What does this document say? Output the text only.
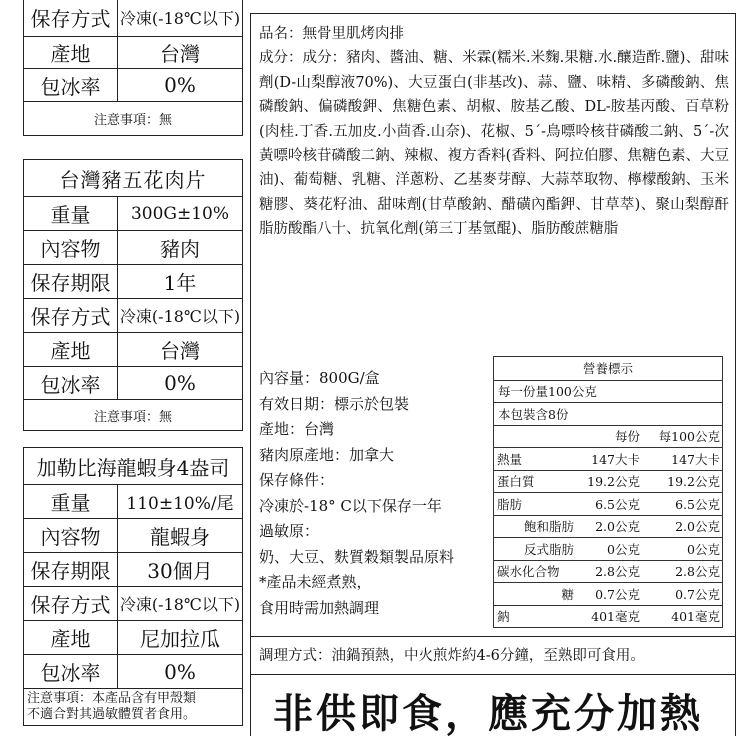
保存方式 冷凍(-18℃以下)
產地	台灣
包冰率	0%
注意事項：無
台灣豬五花肉片
重量	300G±10%
內容物	豬肉
保存期限	1年
保存方式 冷凍(-18℃以下)
產地	台灣
包冰率	0%
注意事項：無
加勒比海龍蝦身4盎司
重量	110±10%/尾
內容物	龍蝦身
保存期限	30個月
保存方式 冷凍(-18℃以下)
產地	尼加拉瓜
包冰率	0%
注意事項：本產品含有甲殼類
不適合對其過敏體質者食用。
品名：無骨里肌烤肉排
成分：成分：豬肉、醬油、糖、米霖(糯米.米麴.果糖.水.釀造酢.鹽)、甜味劑(D-山梨醇液70%)、大豆蛋白(非基改)、蒜、鹽、味精、多磷酸鈉、焦磷酸鈉、偏磷酸鉀、焦糖色素、胡椒、胺基乙酸、DL-胺基丙酸、百草粉(肉桂.丁香.五加皮.小茴香.山奈)、花椒、5´-鳥嘌呤核苷磷酸二鈉、5´-次黃嘌呤核苷磷酸二鈉、辣椒、複方香料(香料、阿拉伯膠、焦糖色素、大豆油)、葡萄糖、乳糖、洋蔥粉、乙基麥芽醇、大蒜萃取物、檸檬酸鈉、玉米糖膠、葵花籽油、甜味劑(甘草酸鈉、醋磺內酯鉀、甘草萃)、聚山梨醇酐脂肪酸酯八十、抗氧化劑(第三丁基氫醌)、脂肪酸蔗糖脂
內容量：800G/盒
有效日期：標示於包裝
產地：台灣
豬肉原產地：加拿大
保存條件：
冷凍於-18° C以下保存一年
過敏原：
奶、大豆、麩質穀類製品原料
*產品未經煮熟，
食用時需加熱調理
營養標示
每一份量100公克
本包裝含8份
每份	每100公克
熱量	147大卡	147大卡
蛋白質	19.2公克	19.2公克
脂肪	6.5公克	6.5公克
飽和脂肪	2.0公克	2.0公克
反式脂肪	0公克	0公克
碳水化合物	2.8公克	2.8公克
糖	0.7公克	0.7公克
鈉	401毫克	401毫克
調理方式：油鍋預熱，中火煎炸約4-6分鐘，至熟即可食用。
非供即食，應充分加熱
